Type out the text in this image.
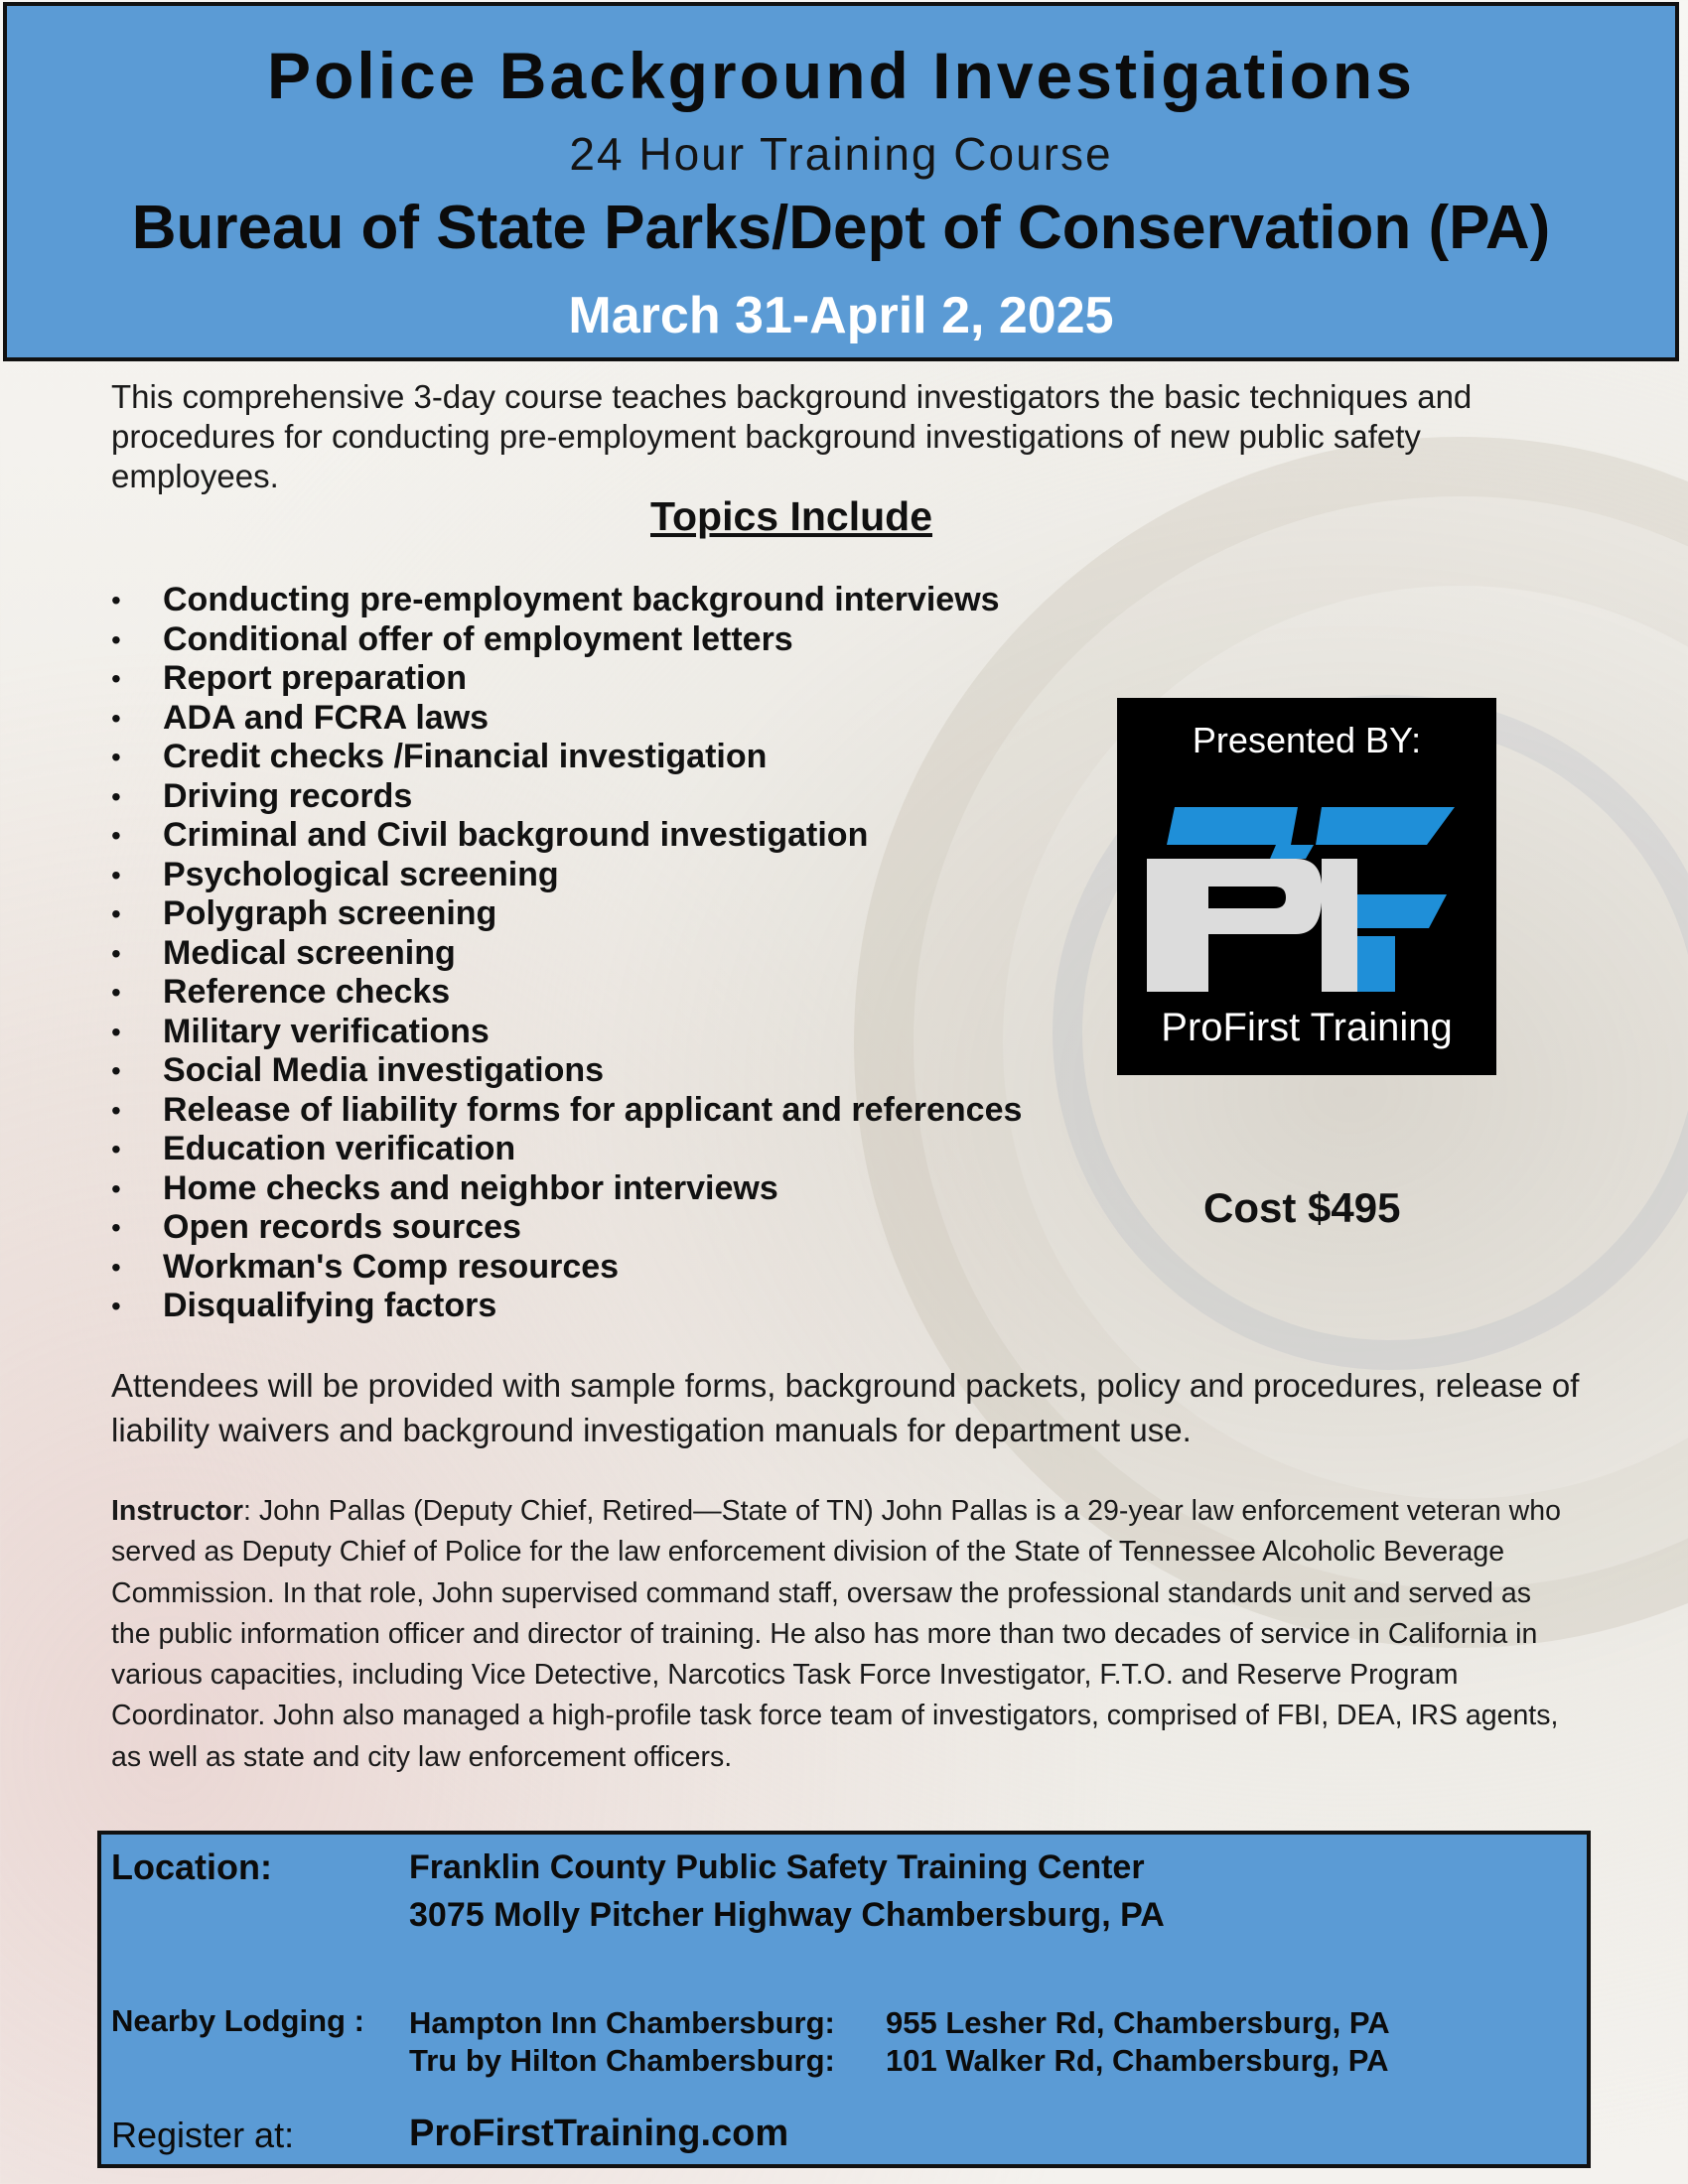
Police Background Investigations
24 Hour Training Course
Bureau of State Parks/Dept of Conservation (PA)
March 31-April 2, 2025
This comprehensive 3-day course teaches background investigators the basic techniques and procedures for conducting pre-employment background investigations of new public safety employees.
Topics Include
• Conducting pre-employment background interviews
• Conditional offer of employment letters
• Report preparation
• ADA and FCRA laws
• Credit checks /Financial investigation
• Driving records
• Criminal and Civil background investigation
• Psychological screening
• Polygraph screening
• Medical screening
• Reference checks
• Military verifications
• Social Media investigations
• Release of liability forms for applicant and references
• Education verification
• Home checks and neighbor interviews
• Open records sources
• Workman's Comp resources
• Disqualifying factors
Presented BY:
ProFirst Training
Cost $495
Attendees will be provided with sample forms, background packets, policy and procedures, release of liability waivers and background investigation manuals for department use.
Instructor: John Pallas (Deputy Chief, Retired—State of TN) John Pallas is a 29-year law enforcement veteran who served as Deputy Chief of Police for the law enforcement division of the State of Tennessee Alcoholic Beverage Commission. In that role, John supervised command staff, oversaw the professional standards unit and served as the public information officer and director of training. He also has more than two decades of service in California in various capacities, including Vice Detective, Narcotics Task Force Investigator, F.T.O. and Reserve Program Coordinator. John also managed a high-profile task force team of investigators, comprised of FBI, DEA, IRS agents, as well as state and city law enforcement officers.
Location:	Franklin County Public Safety Training Center
3075 Molly Pitcher Highway Chambersburg, PA
Nearby Lodging : Hampton Inn Chambersburg: 955 Lesher Rd, Chambersburg, PA
Tru by Hilton Chambersburg: 101 Walker Rd, Chambersburg, PA
Register at:	ProFirstTraining.com
